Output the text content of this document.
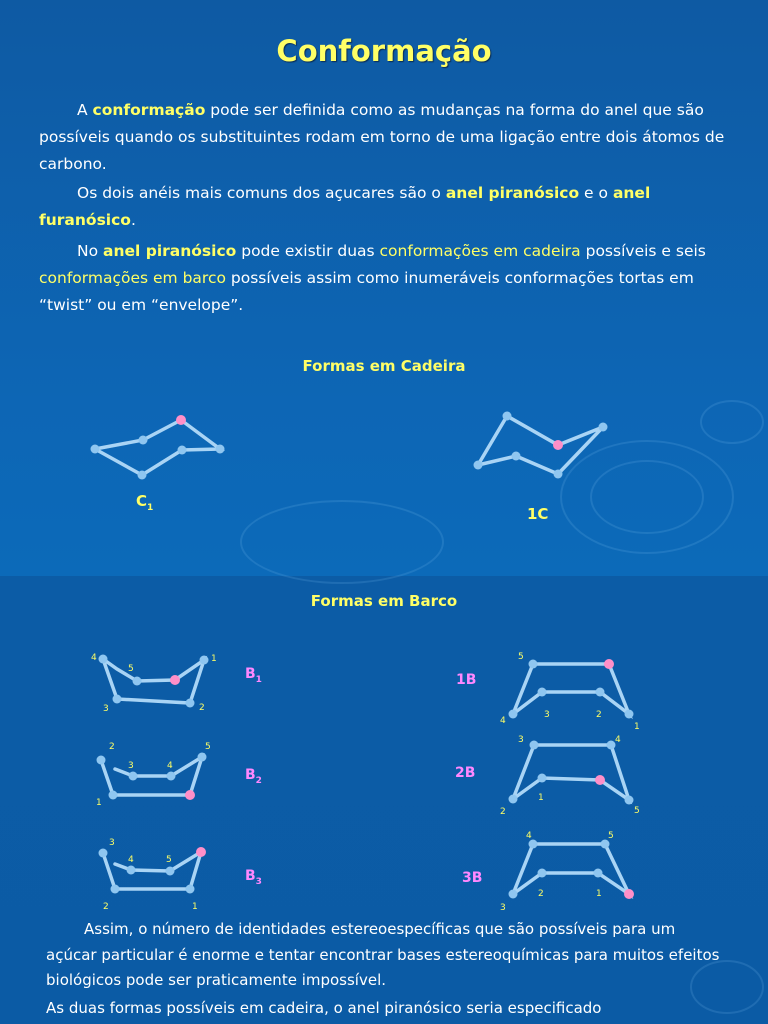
Conformação
A conformação pode ser definida como as mudanças na forma do anel que são possíveis quando os substituintes rodam em torno de uma ligação entre dois átomos de carbono.
Os dois anéis mais comuns dos açucares são o anel piranósico e o anel furanósico.
No anel piranósico pode existir duas conformações em cadeira possíveis e seis conformações em barco possíveis assim como inumeráveis conformações tortas em “twist” ou em “envelope”.
Formas em Cadeira
$C_1$	1C
Formas em Barco
4
5
1
3	2
2
3	4
5
1
3
4	5
2	1
5
4
3	2
1
3	4
1
2	5
4	5
2	1
3
$B_1$
$B_2$
$B_3$
1B
2B
3B
Assim, o número de identidades estereoespecíficas que são possíveis para um açúcar particular é enorme e tentar encontrar bases estereoquímicas para muitos efeitos biológicos pode ser praticamente impossível.
As duas formas possíveis em cadeira, o anel piranósico seria especificado
